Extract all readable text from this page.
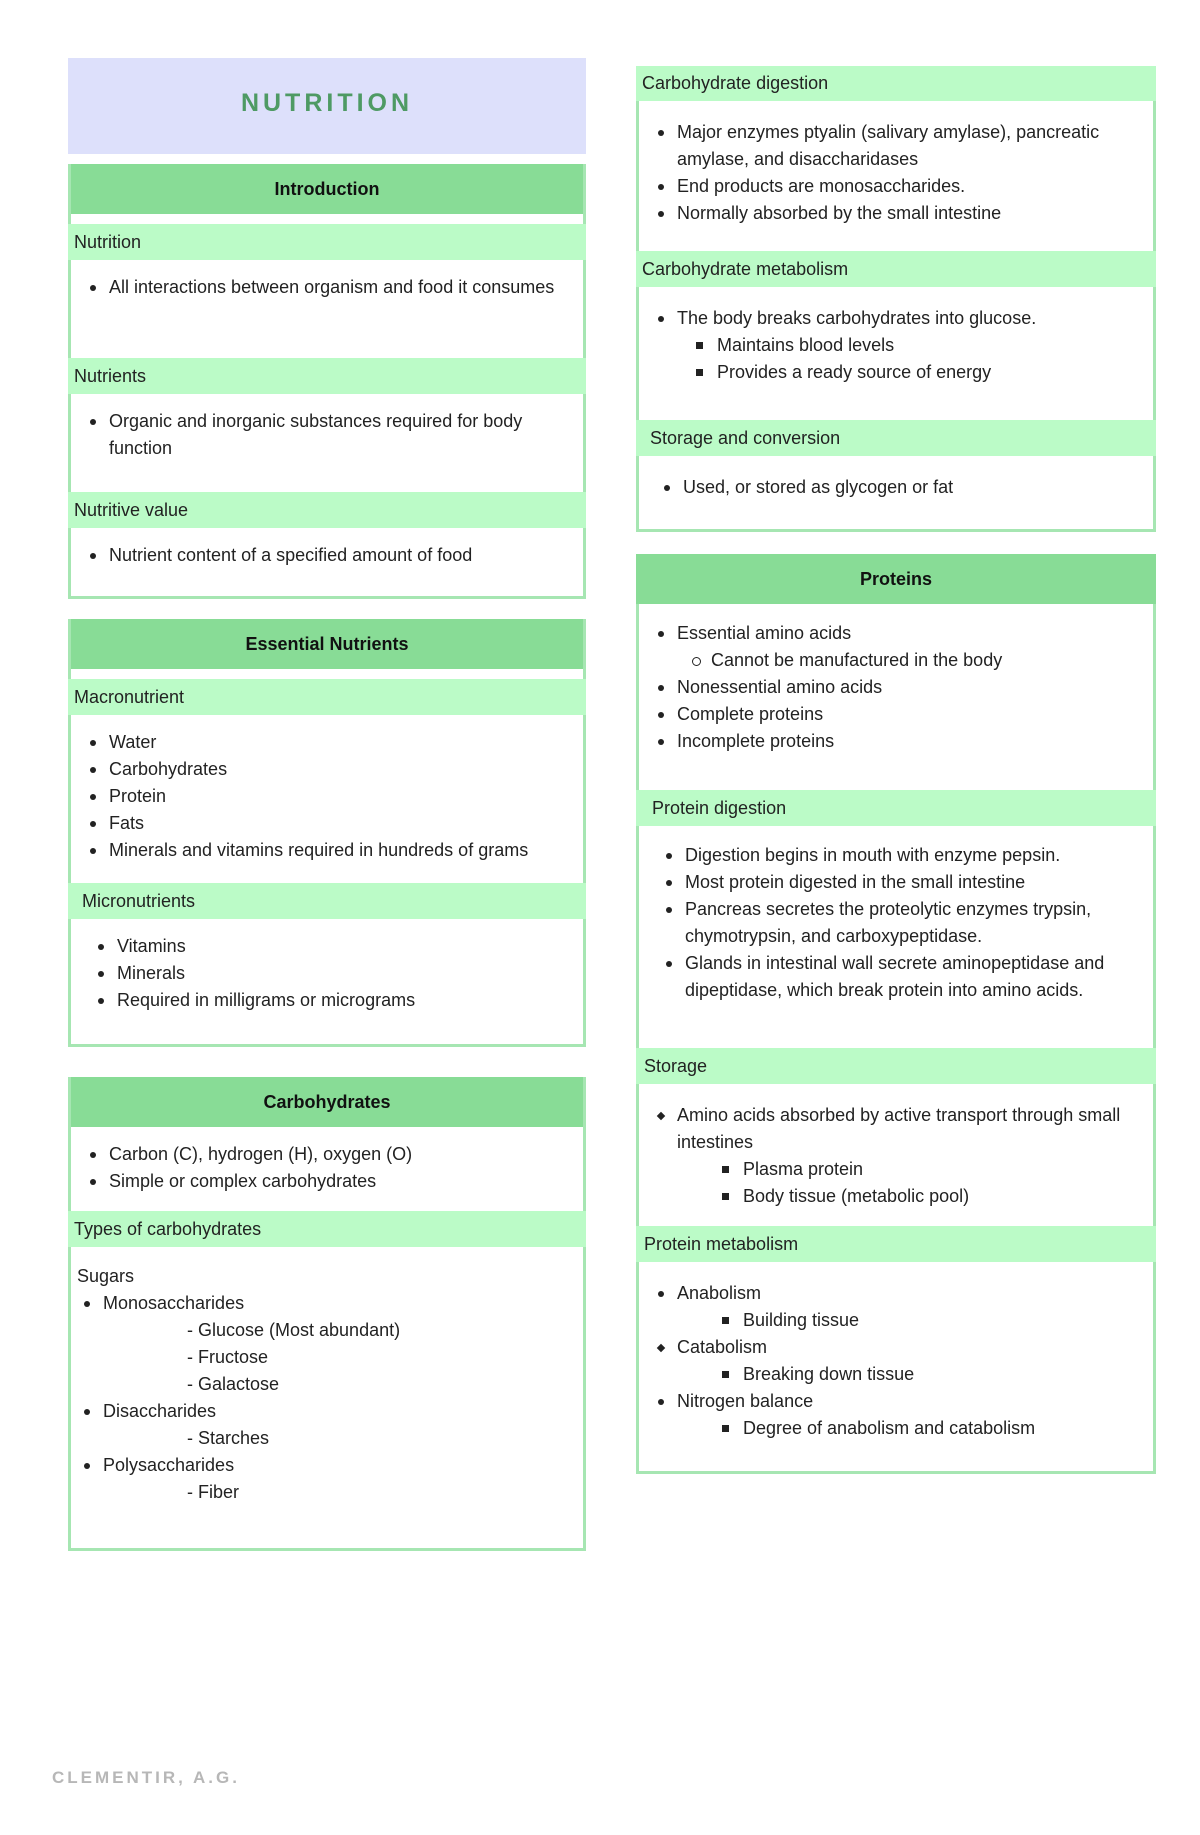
NUTRITION
Introduction
Nutrition
All interactions between organism and food it consumes
Nutrients
Organic and inorganic substances required for body function
Nutritive value
Nutrient content of a specified amount of food
Essential Nutrients
Macronutrient
Water
Carbohydrates
Protein
Fats
Minerals and vitamins required in hundreds of grams
Micronutrients
Vitamins
Minerals
Required in milligrams or micrograms
Carbohydrates
Carbon (C), hydrogen (H), oxygen (O)
Simple or complex carbohydrates
Types of carbohydrates
Sugars
Monosaccharides
- Glucose (Most abundant)
- Fructose
- Galactose
Disaccharides
- Starches
Polysaccharides
- Fiber
Carbohydrate digestion
Major enzymes ptyalin (salivary amylase), pancreatic amylase, and disaccharidases
End products are monosaccharides.
Normally absorbed by the small intestine
Carbohydrate metabolism
The body breaks carbohydrates into glucose.
Maintains blood levels
Provides a ready source of energy
Storage and conversion
Used, or stored as glycogen or fat
Proteins
Essential amino acids
Cannot be manufactured in the body
Nonessential amino acids
Complete proteins
Incomplete proteins
Protein digestion
Digestion begins in mouth with enzyme pepsin.
Most protein digested in the small intestine
Pancreas secretes the proteolytic enzymes trypsin, chymotrypsin, and carboxypeptidase.
Glands in intestinal wall secrete aminopeptidase and dipeptidase, which break protein into amino acids.
Storage
Amino acids absorbed by active transport through small intestines
Plasma protein
Body tissue (metabolic pool)
Protein metabolism
Anabolism
Building tissue
Catabolism
Breaking down tissue
Nitrogen balance
Degree of anabolism and catabolism
CLEMENTIR, A.G.
